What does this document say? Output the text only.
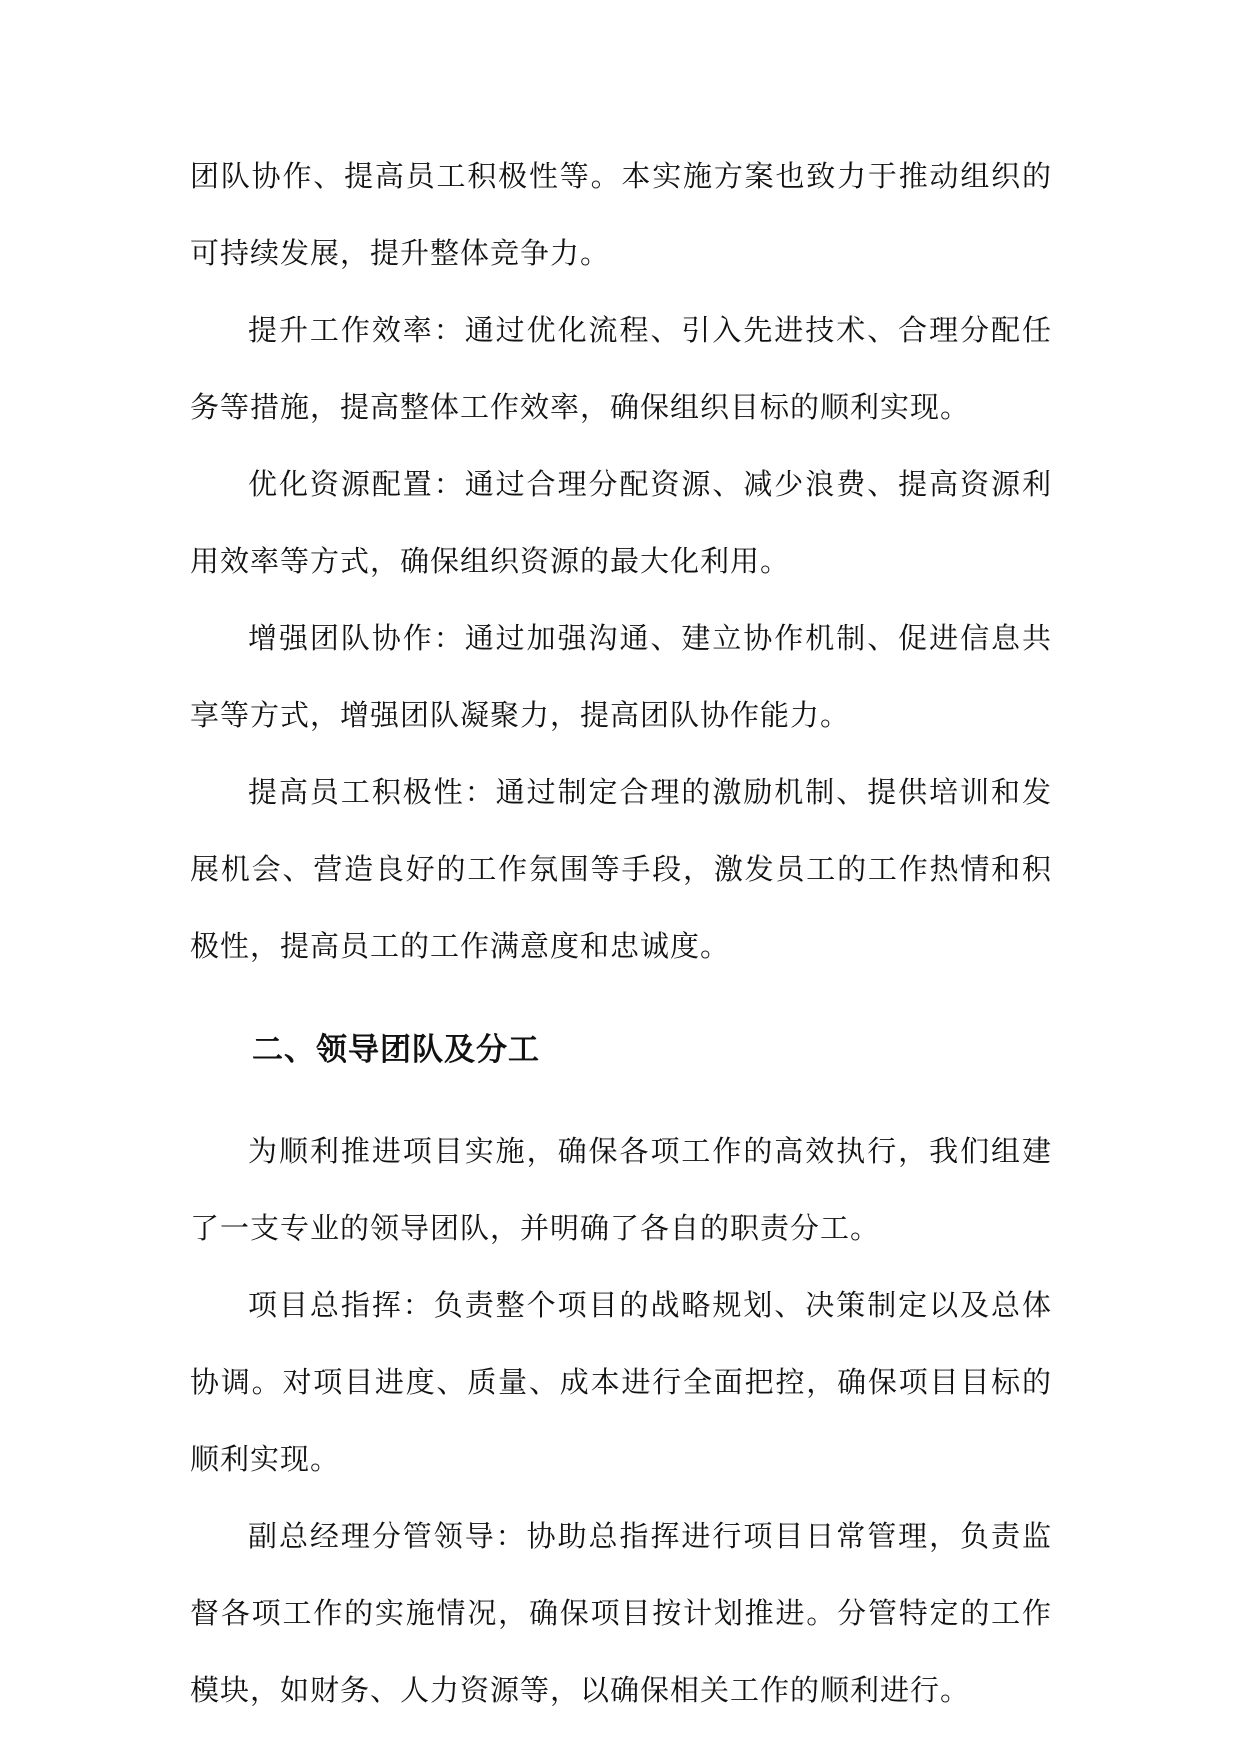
团队协作、提高员工积极性等。本实施方案也致力于推动组织的可持续发展，提升整体竞争力。

提升工作效率：通过优化流程、引入先进技术、合理分配任务等措施，提高整体工作效率，确保组织目标的顺利实现。

优化资源配置：通过合理分配资源、减少浪费、提高资源利用效率等方式，确保组织资源的最大化利用。

增强团队协作：通过加强沟通、建立协作机制、促进信息共享等方式，增强团队凝聚力，提高团队协作能力。

提高员工积极性：通过制定合理的激励机制、提供培训和发展机会、营造良好的工作氛围等手段，激发员工的工作热情和积极性，提高员工的工作满意度和忠诚度。

二、领导团队及分工

为顺利推进项目实施，确保各项工作的高效执行，我们组建了一支专业的领导团队，并明确了各自的职责分工。

项目总指挥：负责整个项目的战略规划、决策制定以及总体协调。对项目进度、质量、成本进行全面把控，确保项目目标的顺利实现。

副总经理分管领导：协助总指挥进行项目日常管理，负责监督各项工作的实施情况，确保项目按计划推进。分管特定的工作模块，如财务、人力资源等，以确保相关工作的顺利进行。
